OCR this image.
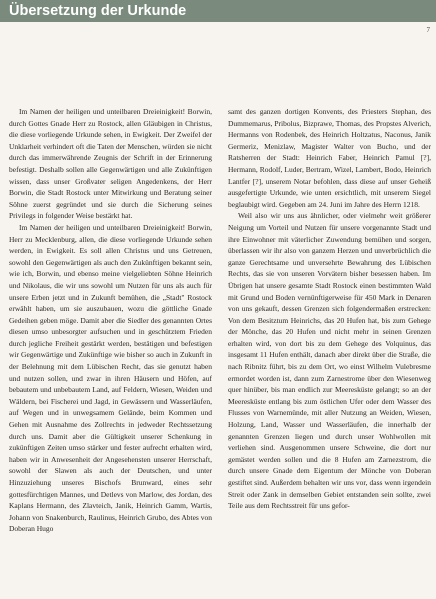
Übersetzung der Urkunde
7

Im Namen der heiligen und unteilbaren Dreieinigkeit! Borwin, durch Gottes Gnade Herr zu Rostock, allen Gläubigen in Christus, die diese vorliegende Urkunde sehen, in Ewigkeit. Der Zweifel der Unklarheit verhindert oft die Taten der Menschen, würden sie nicht durch das immerwährende Zeugnis der Schrift in der Erinnerung befestigt. Deshalb sollen alle Gegenwärtigen und alle Zukünftigen wissen, dass unser Großvater seligen Angedenkens, der Herr Borwin, die Stadt Rostock unter Mitwirkung und Beratung seiner Söhne zuerst gegründet und sie durch die Sicherung seines Privilegs in folgender Weise bestärkt hat.

Im Namen der heiligen und unteilbaren Dreieinigkeit! Borwin, Herr zu Mecklenburg, allen, die diese vorliegende Urkunde sehen werden, in Ewigkeit. Es soll allen Christus und uns Getreuen, sowohl den Gegenwärtigen als auch den Zukünftigen bekannt sein, wie ich, Borwin, und ebenso meine vielgeliebten Söhne Heinrich und Nikolaus, die wir uns sowohl um Nutzen für uns als auch für unsere Erben jetzt und in Zukunft bemühen, die „Stadt" Rostock erwählt haben, um sie auszubauen, wozu die göttliche Gnade Gedeihen geben möge. Damit aber die Siedler des genannten Ortes diesen umso unbesorgter aufsuchen und in geschütztem Frieden durch jegliche Freiheit gestärkt werden, bestätigen und befestigen wir Gegenwärtige und Zukünftige wie bisher so auch in Zukunft in der Belehnung mit dem Lübischen Recht, das sie genutzt haben und nutzen sollen, und zwar in ihren Häusern und Höfen, auf bebautem und unbebautem Land, auf Feldern, Wiesen, Weiden und Wäldern, bei Fischerei und Jagd, in Gewässern und Wasserläufen, auf Wegen und in unwegsamem Gelände, beim Kommen und Gehen mit Ausnahme des Zollrechts in jedweder Rechtssetzung durch uns. Damit aber die Gültigkeit unserer Schenkung in zukünftigen Zeiten umso stärker und fester aufrecht erhalten wird, haben wir in Anwesenheit der Angesehensten unserer Herrschaft, sowohl der Slawen als auch der Deutschen, und unter Hinzuziehung unseres Bischofs Brunward, eines sehr gottesfürchtigen Mannes, und Detlevs von Marlow, des Jordan, des Kaplans Hermann, des Zlavteich, Janik, Heinrich Gamm, Wartis, Johann von Snakenburch, Raulinus, Heinrich Grubo, des Abtes von Doberan Hugo

samt des ganzen dortigen Konvents, des Priesters Stephan, des Dummemarus, Pribolus, Bizprawe, Thomas, des Propstes Alverich, Hermanns von Rodenbek, des Heinrich Holtzatus, Naconus, Janik Germeriz, Menizlaw, Magister Walter von Bucho, und der Ratsherren der Stadt: Heinrich Faber, Heinrich Pamul [?], Hermann, Rodolf, Luder, Bertram, Wizel, Lambert, Bodo, Heinrich Lantfer [?], unserem Notar befohlen, dass diese auf unser Geheiß ausgefertigte Urkunde, wie unten ersichtlich, mit unserem Siegel beglaubigt wird. Gegeben am 24. Juni im Jahre des Herrn 1218.

Weil also wir uns aus ähnlicher, oder vielmehr weit größerer Neigung um Vorteil und Nutzen für unsere vorgenannte Stadt und ihre Einwohner mit väterlicher Zuwendung bemühen und sorgen, überlassen wir ihr also von ganzem Herzen und unverbrüchlich die ganze Gerechtsame und unversehrte Bewahrung des Lübischen Rechts, das sie von unseren Vorvätern bisher besessen haben. Im Übrigen hat unsere gesamte Stadt Rostock einen bestimmten Wald mit Grund und Boden vernünftigerweise für 450 Mark in Denaren von uns gekauft, dessen Grenzen sich folgendermaßen erstrecken: Von dem Besitztum Heinrichs, das 20 Hufen hat, bis zum Gehege der Mönche, das 20 Hufen und nicht mehr in seinen Grenzen erhalten wird, von dort bis zu dem Gehege des Volquinus, das insgesamt 11 Hufen enthält, danach aber direkt über die Straße, die nach Ribnitz führt, bis zu dem Ort, wo einst Wilhelm Vulebresme ermordet worden ist, dann zum Zarnestrome über den Wiesenweg quer hinüber, bis man endlich zur Meeresküste gelangt; so an der Meeresküste entlang bis zum östlichen Ufer oder dem Wasser des Flusses von Warnemünde, mit aller Nutzung an Weiden, Wiesen, Holzung, Land, Wasser und Wasserläufen, die innerhalb der genannten Grenzen liegen und durch unser Wohlwollen mit verliehen sind. Ausgenommen unsere Schweine, die dort nur gemästet werden sollen und die 8 Hufen am Zarnezstrom, die durch unsere Gnade dem Eigentum der Mönche von Doberan gestiftet sind. Außerdem behalten wir uns vor, dass wenn irgendein Streit oder Zank in demselben Gebiet entstanden sein sollte, zwei Teile aus dem Rechtsstreit für uns gefor-
